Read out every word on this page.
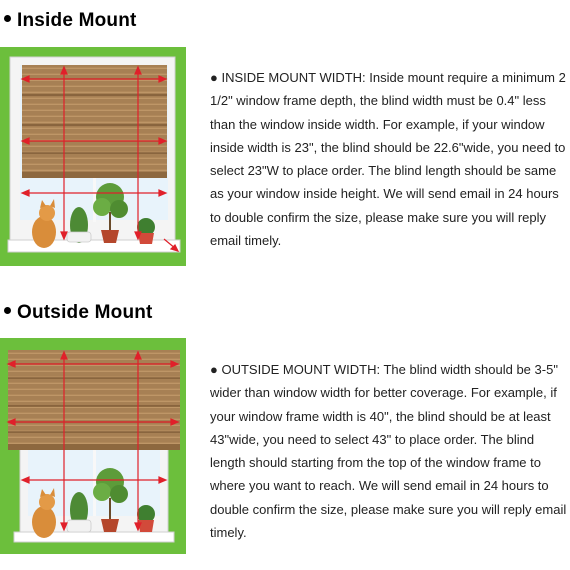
Inside Mount
● INSIDE MOUNT WIDTH: Inside mount require a minimum 2 1/2" window frame depth, the blind width must be 0.4" less than the window inside width. For example, if your window inside width is 23", the blind should be 22.6"wide, you need to select 23"W to place order. The blind length should be same as your window inside height. We will send email in 24 hours to double confirm the size, please make sure you will reply email timely.
Outside Mount
● OUTSIDE MOUNT WIDTH: The blind width should be 3-5" wider than window width for better coverage. For example, if your window frame width is 40", the blind should be at least 43"wide, you need to select 43" to place order. The blind length should starting from the top of the window frame to where you want to reach. We will send email in 24 hours to double confirm the size, please make sure you will reply email timely.
